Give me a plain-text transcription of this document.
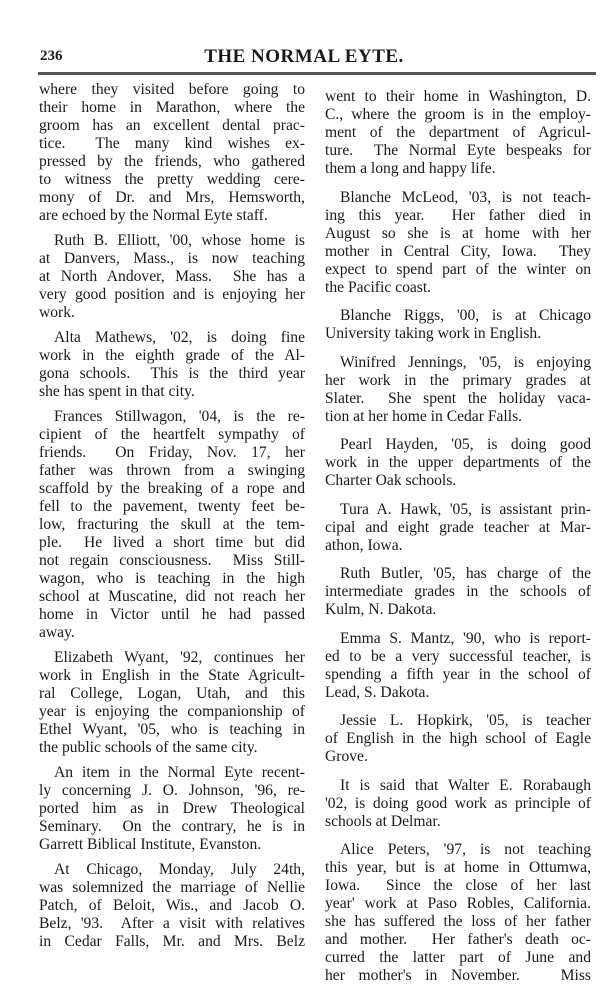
236	THE NORMAL EYTE.
where they visited before going to
their home in Marathon, where the
groom has an excellent dental prac-
tice.  The many kind wishes ex-
pressed by the friends, who gathered
to witness the pretty wedding cere-
mony of Dr. and Mrs, Hemsworth,
are echoed by the Normal Eyte staff.
Ruth B. Elliott, '00, whose home is
at Danvers, Mass., is now teaching
at North Andover, Mass.  She has a
very good position and is enjoying her
work.
Alta Mathews, '02, is doing fine
work in the eighth grade of the Al-
gona schools.  This is the third year
she has spent in that city.
Frances Stillwagon, '04, is the re-
cipient of the heartfelt sympathy of
friends.  On Friday, Nov. 17, her
father was thrown from a swinging
scaffold by the breaking of a rope and
fell to the pavement, twenty feet be-
low, fracturing the skull at the tem-
ple.  He lived a short time but did
not regain consciousness.  Miss Still-
wagon, who is teaching in the high
school at Muscatine, did not reach her
home in Victor until he had passed
away.
Elizabeth Wyant, '92, continues her
work in English in the State Agricult-
ral College, Logan, Utah, and this
year is enjoying the companionship of
Ethel Wyant, '05, who is teaching in
the public schools of the same city.
An item in the Normal Eyte recent-
ly concerning J. O. Johnson, '96, re-
ported him as in Drew Theological
Seminary.  On the contrary, he is in
Garrett Biblical Institute, Evanston.
At Chicago, Monday, July 24th,
was solemnized the marriage of Nellie
Patch, of Beloit, Wis., and Jacob O.
Belz, '93.  After a visit with relatives
in Cedar Falls, Mr. and Mrs. Belz
went to their home in Washington, D.
C., where the groom is in the employ-
ment of the department of Agricul-
ture.  The Normal Eyte bespeaks for
them a long and happy life.
Blanche McLeod, '03, is not teach-
ing this year.  Her father died in
August so she is at home with her
mother in Central City, Iowa.  They
expect to spend part of the winter on
the Pacific coast.
Blanche Riggs, '00, is at Chicago
University taking work in English.
Winifred Jennings, '05, is enjoying
her work in the primary grades at
Slater.  She spent the holiday vaca-
tion at her home in Cedar Falls.
Pearl Hayden, '05, is doing good
work in the upper departments of the
Charter Oak schools.
Tura A. Hawk, '05, is assistant prin-
cipal and eight grade teacher at Mar-
athon, Iowa.
Ruth Butler, '05, has charge of the
intermediate grades in the schools of
Kulm, N. Dakota.
Emma S. Mantz, '90, who is report-
ed to be a very successful teacher, is
spending a fifth year in the school of
Lead, S. Dakota.
Jessie L. Hopkirk, '05, is teacher
of English in the high school of Eagle
Grove.
It is said that Walter E. Rorabaugh
'02, is doing good work as principle of
schools at Delmar.
Alice Peters, '97, is not teaching
this year, but is at home in Ottumwa,
Iowa.  Since the close of her last
year' work at Paso Robles, California.
she has suffered the loss of her father
and mother.  Her father's death oc-
curred the latter part of June and
her mother's in November.   Miss
